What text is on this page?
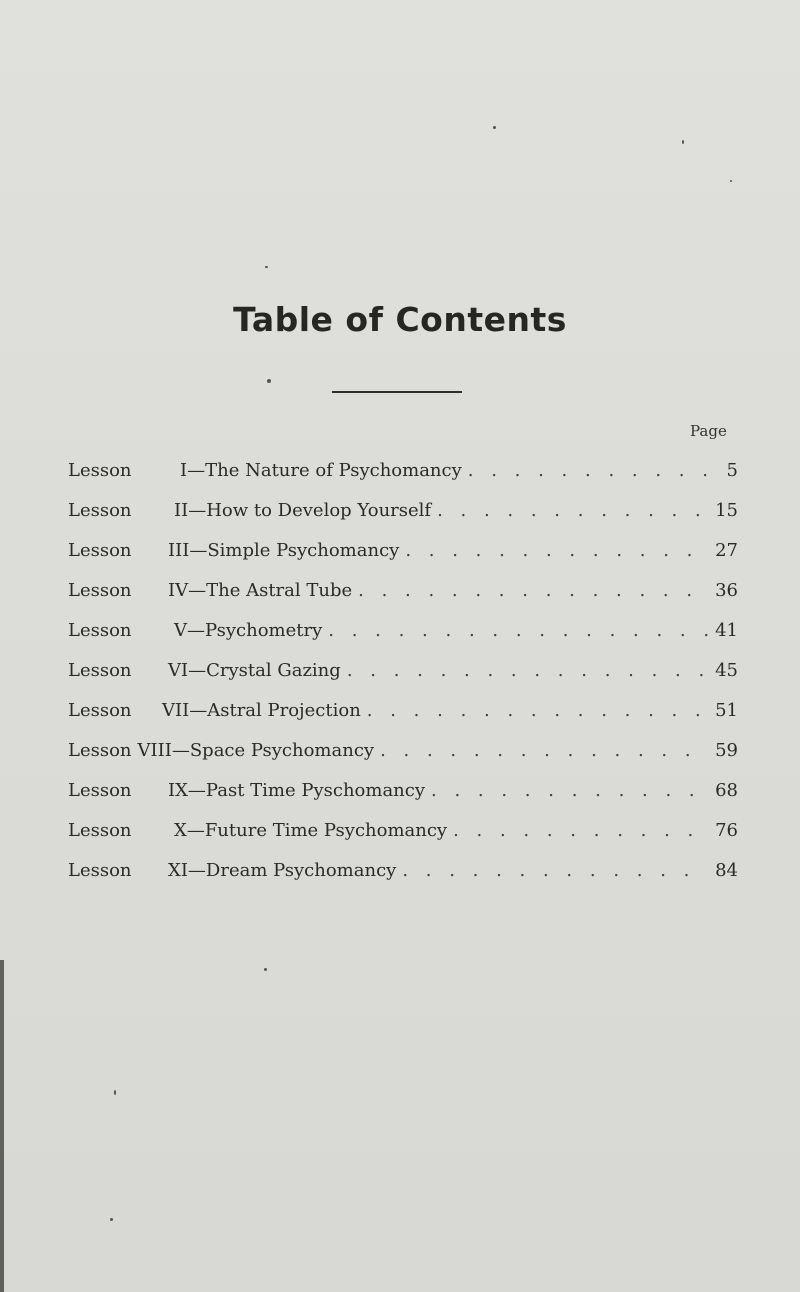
Table of Contents
Page
Lesson	I—The Nature of Psychomancy . . .	5
Lesson	II—How to Develop Yourself . . .	15
Lesson	III—Simple Psychomancy . . .	27
Lesson	IV—The Astral Tube . . .	36
Lesson	V—Psychometry . . .	41
Lesson	VI—Crystal Gazing . . .	45
Lesson	VII—Astral Projection . . .	51
Lesson VIII—Space Psychomancy . . .	59
Lesson	IX—Past Time Pyschomancy . . .	68
Lesson	X—Future Time Psychomancy . . .	76
Lesson	XI—Dream Psychomancy . . .	84
